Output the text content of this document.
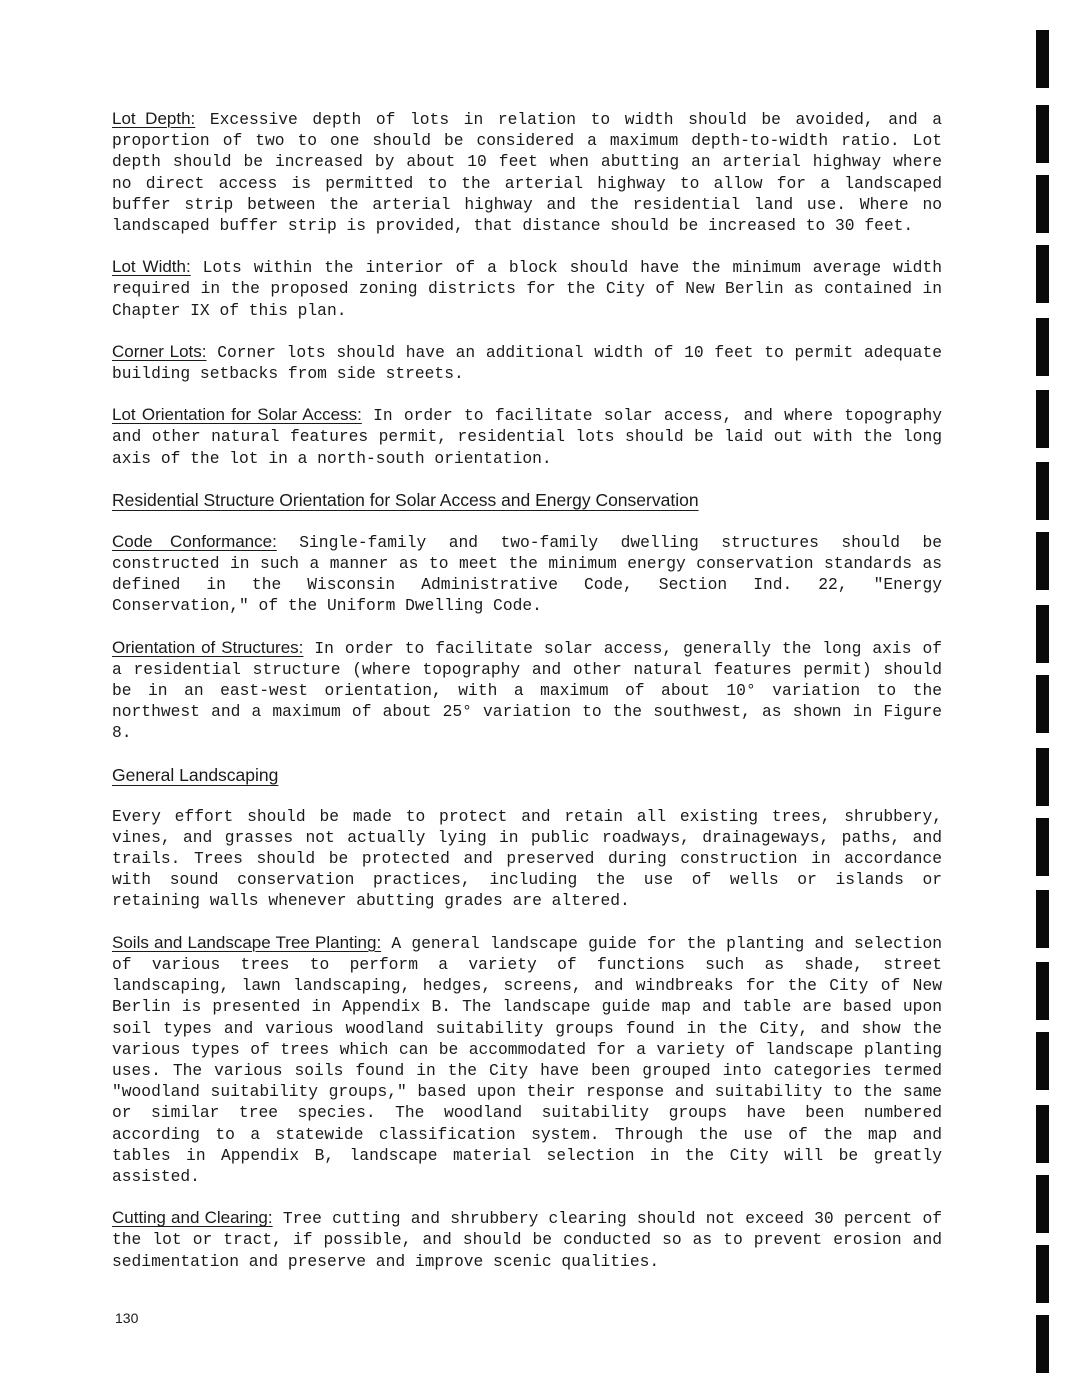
Lot Depth: Excessive depth of lots in relation to width should be avoided, and a proportion of two to one should be considered a maximum depth-to-width ratio. Lot depth should be increased by about 10 feet when abutting an arterial highway where no direct access is permitted to the arterial highway to allow for a landscaped buffer strip between the arterial highway and the residential land use. Where no landscaped buffer strip is provided, that distance should be increased to 30 feet.

Lot Width: Lots within the interior of a block should have the minimum average width required in the proposed zoning districts for the City of New Berlin as contained in Chapter IX of this plan.

Corner Lots: Corner lots should have an additional width of 10 feet to permit adequate building setbacks from side streets.

Lot Orientation for Solar Access: In order to facilitate solar access, and where topography and other natural features permit, residential lots should be laid out with the long axis of the lot in a north-south orientation.

Residential Structure Orientation for Solar Access and Energy Conservation

Code Conformance: Single-family and two-family dwelling structures should be constructed in such a manner as to meet the minimum energy conservation standards as defined in the Wisconsin Administrative Code, Section Ind. 22, "Energy Conservation," of the Uniform Dwelling Code.

Orientation of Structures: In order to facilitate solar access, generally the long axis of a residential structure (where topography and other natural features permit) should be in an east-west orientation, with a maximum of about 10° variation to the northwest and a maximum of about 25° variation to the southwest, as shown in Figure 8.

General Landscaping

Every effort should be made to protect and retain all existing trees, shrubbery, vines, and grasses not actually lying in public roadways, drainageways, paths, and trails. Trees should be protected and preserved during construction in accordance with sound conservation practices, including the use of wells or islands or retaining walls whenever abutting grades are altered.

Soils and Landscape Tree Planting: A general landscape guide for the planting and selection of various trees to perform a variety of functions such as shade, street landscaping, lawn landscaping, hedges, screens, and windbreaks for the City of New Berlin is presented in Appendix B. The landscape guide map and table are based upon soil types and various woodland suitability groups found in the City, and show the various types of trees which can be accommodated for a variety of landscape planting uses. The various soils found in the City have been grouped into categories termed "woodland suitability groups," based upon their response and suitability to the same or similar tree species. The woodland suitability groups have been numbered according to a statewide classification system. Through the use of the map and tables in Appendix B, landscape material selection in the City will be greatly assisted.

Cutting and Clearing: Tree cutting and shrubbery clearing should not exceed 30 percent of the lot or tract, if possible, and should be conducted so as to prevent erosion and sedimentation and preserve and improve scenic qualities.

130
